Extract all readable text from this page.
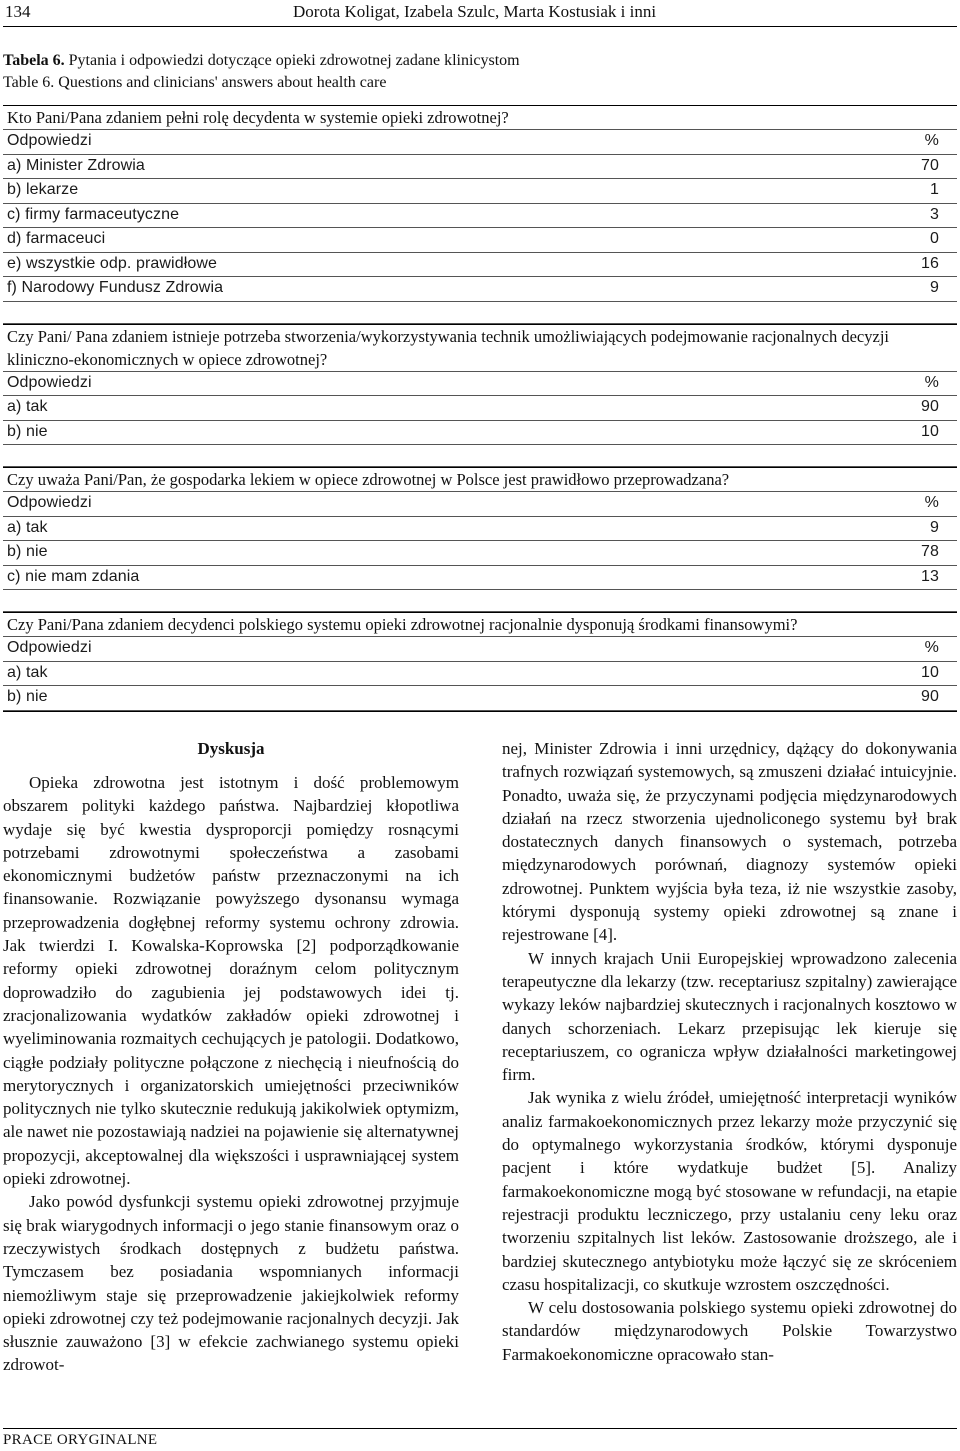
134	Dorota Koligat, Izabela Szulc, Marta Kostusiak i inni
Tabela 6. Pytania i odpowiedzi dotyczące opieki zdrowotnej zadane klinicystom
Table 6. Questions and clinicians' answers about health care
Kto Pani/Pana zdaniem pełni rolę decydenta w systemie opieki zdrowotnej?
Odpowiedzi	%
a) Minister Zdrowia	70
b) lekarze	1
c) firmy farmaceutyczne	3
d) farmaceuci	0
e) wszystkie odp. prawidłowe	16
f) Narodowy Fundusz Zdrowia	9
Czy Pani/ Pana zdaniem istnieje potrzeba stworzenia/wykorzystywania technik umożliwiających podejmowanie racjonalnych decyzji kliniczno-ekonomicznych w opiece zdrowotnej?
Odpowiedzi	%
a) tak	90
b) nie	10
Czy uważa Pani/Pan, że gospodarka lekiem w opiece zdrowotnej w Polsce jest prawidłowo przeprowadzana?
Odpowiedzi	%
a) tak	9
b) nie	78
c) nie mam zdania	13
Czy Pani/Pana zdaniem decydenci polskiego systemu opieki zdrowotnej racjonalnie dysponują środkami finansowymi?
Odpowiedzi	%
a) tak	10
b) nie	90
Dyskusja

Opieka zdrowotna jest istotnym i dość problemowym obszarem polityki każdego państwa. Najbardziej kłopotliwa wydaje się być kwestia dysproporcji pomiędzy rosnącymi potrzebami zdrowotnymi społeczeństwa a zasobami ekonomicznymi budżetów państw przeznaczonymi na ich finansowanie. Rozwiązanie powyższego dysonansu wymaga przeprowadzenia dogłębnej reformy systemu ochrony zdrowia. Jak twierdzi I. Kowalska-Koprowska [2] podporządkowanie reformy opieki zdrowotnej doraźnym celom politycznym doprowadziło do zagubienia jej podstawowych idei tj. zracjonalizowania wydatków zakładów opieki zdrowotnej i wyeliminowania rozmaitych cechujących je patologii. Dodatkowo, ciągłe podziały polityczne połączone z niechęcią i nieufnością do merytorycznych i organizatorskich umiejętności przeciwników politycznych nie tylko skutecznie redukują jakikolwiek optymizm, ale nawet nie pozostawiają nadziei na pojawienie się alternatywnej propozycji, akceptowalnej dla większości i usprawniającej system opieki zdrowotnej.

Jako powód dysfunkcji systemu opieki zdrowotnej przyjmuje się brak wiarygodnych informacji o jego stanie finansowym oraz o rzeczywistych środkach dostępnych z budżetu państwa. Tymczasem bez posiadania wspomnianych informacji niemożliwym staje się przeprowadzenie jakiejkolwiek reformy opieki zdrowotnej czy też podejmowanie racjonalnych decyzji. Jak słusznie zauważono [3] w efekcie zachwianego systemu opieki zdrowot-

nej, Minister Zdrowia i inni urzędnicy, dążący do dokonywania trafnych rozwiązań systemowych, są zmuszeni działać intuicyjnie. Ponadto, uważa się, że przyczynami podjęcia międzynarodowych działań na rzecz stworzenia ujednoliconego systemu był brak dostatecznych danych finansowych o systemach, potrzeba międzynarodowych porównań, diagnozy systemów opieki zdrowotnej. Punktem wyjścia była teza, iż nie wszystkie zasoby, którymi dysponują systemy opieki zdrowotnej są znane i rejestrowane [4].

W innych krajach Unii Europejskiej wprowadzono zalecenia terapeutyczne dla lekarzy (tzw. receptariusz szpitalny) zawierające wykazy leków najbardziej skutecznych i racjonalnych kosztowo w danych schorzeniach. Lekarz przepisując lek kieruje się receptariuszem, co ogranicza wpływ działalności marketingowej firm.

Jak wynika z wielu źródeł, umiejętność interpretacji wyników analiz farmakoekonomicznych przez lekarzy może przyczynić się do optymalnego wykorzystania środków, którymi dysponuje pacjent i które wydatkuje budżet [5]. Analizy farmakoekonomiczne mogą być stosowane w refundacji, na etapie rejestracji produktu leczniczego, przy ustalaniu ceny leku oraz tworzeniu szpitalnych list leków. Zastosowanie droższego, ale i bardziej skutecznego antybiotyku może łączyć się ze skróceniem czasu hospitalizacji, co skutkuje wzrostem oszczędności.

W celu dostosowania polskiego systemu opieki zdrowotnej do standardów międzynarodowych Polskie Towarzystwo Farmakoekonomiczne opracowało stan-

PRACE ORYGINALNE
